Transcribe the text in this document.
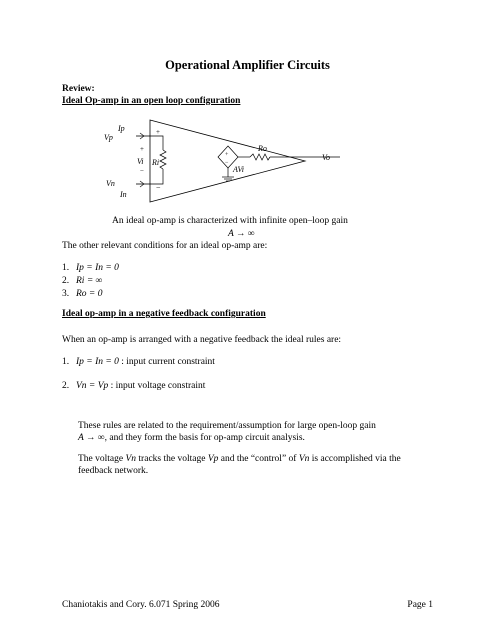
Operational Amplifier Circuits
Review:
Ideal Op-amp in an open loop configuration
Ip
Vp
+
+
Vi
−
Ri
+
−
AVi
Ro
Vo
Vn
In
−
An ideal op-amp is characterized with infinite open–loop gain
A → ∞
The other relevant conditions for an ideal op-amp are:
1. Ip = In = 0
2. Ri = ∞
3. Ro = 0
Ideal op-amp in a negative feedback configuration
When an op-amp is arranged with a negative feedback the ideal rules are:
1. Ip = In = 0 : input current constraint
2. Vn = Vp : input voltage constraint
These rules are related to the requirement/assumption for large open-loop gain
A → ∞, and they form the basis for op-amp circuit analysis.
The voltage Vn tracks the voltage Vp and the “control” of Vn is accomplished via the
feedback network.
Chaniotakis and Cory. 6.071 Spring 2006	Page 1
